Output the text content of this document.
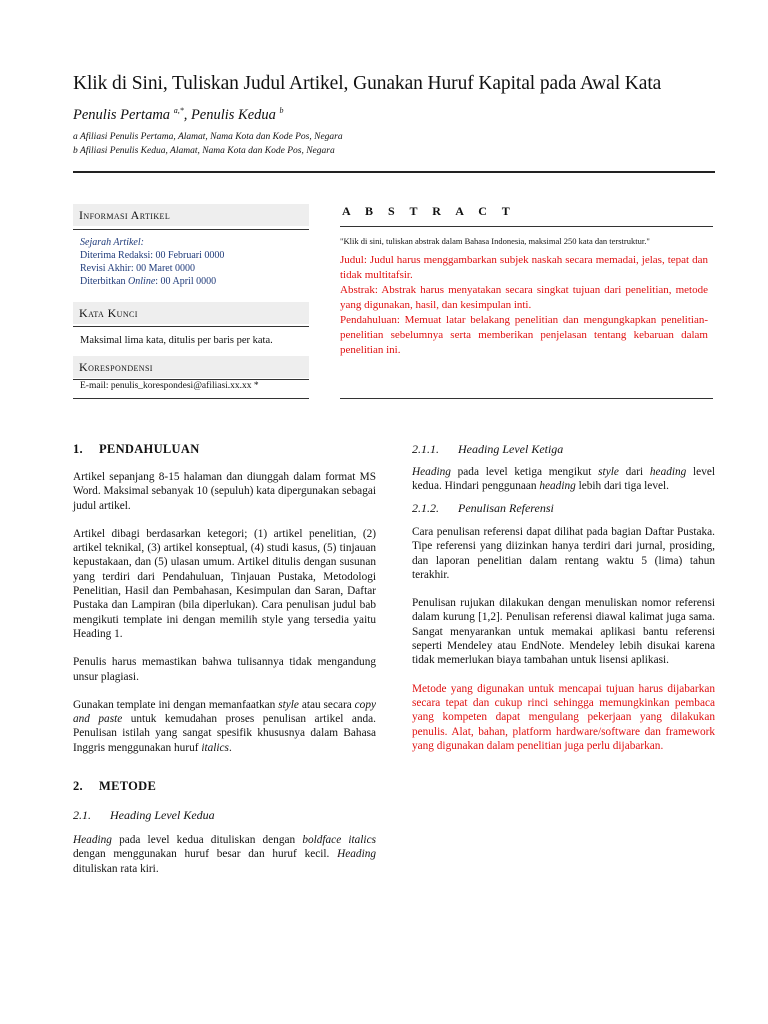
Klik di Sini, Tuliskan Judul Artikel, Gunakan Huruf Kapital pada Awal Kata
Penulis Pertama $^{a,*}$, Penulis Kedua $^b$
a Afiliasi Penulis Pertama, Alamat, Nama Kota dan Kode Pos, Negara
b Afiliasi Penulis Kedua, Alamat, Nama Kota dan Kode Pos, Negara
Informasi Artikel
Sejarah Artikel:
Diterima Redaksi: 00 Februari 0000
Revisi Akhir: 00 Maret 0000
Diterbitkan Online: 00 April 0000
Kata Kunci
Maksimal lima kata, ditulis per baris per kata.
Korespondensi
E-mail: penulis_korespondesi@afiliasi.xx.xx *
A B S T R A C T
"Klik di sini, tuliskan abstrak dalam Bahasa Indonesia, maksimal 250 kata dan terstruktur."
Judul: Judul harus menggambarkan subjek naskah secara memadai, jelas, tepat dan tidak multitafsir.
Abstrak: Abstrak harus menyatakan secara singkat tujuan dari penelitian, metode yang digunakan, hasil, dan kesimpulan inti.
Pendahuluan: Memuat latar belakang penelitian dan mengungkapkan penelitian-penelitian sebelumnya serta memberikan penjelasan tentang kebaruan dalam penelitian ini.
1. PENDAHULUAN

Artikel sepanjang 8-15 halaman dan diunggah dalam format MS Word. Maksimal sebanyak 10 (sepuluh) kata dipergunakan sebagai judul artikel.

Artikel dibagi berdasarkan ketegori; (1) artikel penelitian, (2) artikel teknikal, (3) artikel konseptual, (4) studi kasus, (5) tinjauan kepustakaan, dan (5) ulasan umum. Artikel ditulis dengan susunan yang terdiri dari Pendahuluan, Tinjauan Pustaka, Metodologi Penelitian, Hasil dan Pembahasan, Kesimpulan dan Saran, Daftar Pustaka dan Lampiran (bila diperlukan). Cara penulisan judul bab mengikuti template ini dengan memilih style yang tersedia yaitu Heading 1.

Penulis harus memastikan bahwa tulisannya tidak mengandung unsur plagiasi.

Gunakan template ini dengan memanfaatkan style atau secara copy and paste untuk kemudahan proses penulisan artikel anda. Penulisan istilah yang sangat spesifik khususnya dalam Bahasa Inggris menggunakan huruf italics.

2. METODE
2.1. Heading Level Kedua

Heading pada level kedua dituliskan dengan boldface italics dengan menggunakan huruf besar dan huruf kecil. Heading dituliskan rata kiri.

2.1.1. Heading Level Ketiga

Heading pada level ketiga mengikut style dari heading level kedua. Hindari penggunaan heading lebih dari tiga level.

2.1.2. Penulisan Referensi

Cara penulisan referensi dapat dilihat pada bagian Daftar Pustaka. Tipe referensi yang diizinkan hanya terdiri dari jurnal, prosiding, dan laporan penelitian dalam rentang waktu 5 (lima) tahun terakhir.

Penulisan rujukan dilakukan dengan menuliskan nomor referensi dalam kurung [1,2]. Penulisan referensi diawal kalimat juga sama. Sangat menyarankan untuk memakai aplikasi bantu referensi seperti Mendeley atau EndNote. Mendeley lebih disukai karena tidak memerlukan biaya tambahan untuk lisensi aplikasi.

Metode yang digunakan untuk mencapai tujuan harus dijabarkan secara tepat dan cukup rinci sehingga memungkinkan pembaca yang kompeten dapat mengulang pekerjaan yang dilakukan penulis. Alat, bahan, platform hardware/software dan framework yang digunakan dalam penelitian juga perlu dijabarkan.
